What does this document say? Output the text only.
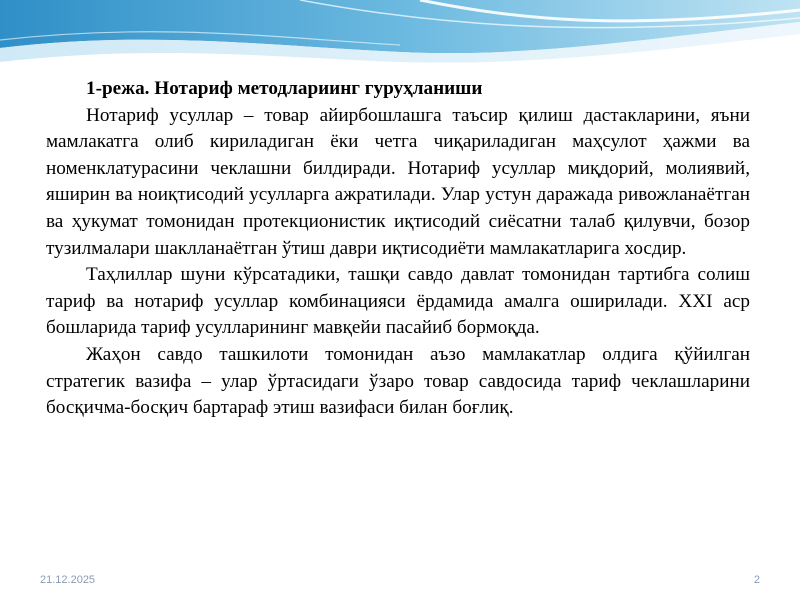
1-режа. Нотариф методлариинг гуруҳланиши

Нотариф усуллар – товар айирбошлашга таъсир қилиш дастакларини, яъни мамлакатга олиб кириладиган ёки четга чиқариладиган маҳсулот ҳажми ва номенклатурасини чеклашни билдиради. Нотариф усуллар миқдорий, молиявий, яширин ва ноиқтисодий усулларга ажратилади. Улар устун даражада ривожланаётган ва ҳукумат томонидан протекционистик иқтисодий сиёсатни талаб қилувчи, бозор тузилмалари шаклланаётган ўтиш даври иқтисодиёти мамлакатларига хосдир.

Таҳлиллар шуни кўрсатадики, ташқи савдо давлат томонидан тартибга солиш тариф ва нотариф усуллар комбинацияси ёрдамида амалга оширилади. XXI аср бошларида тариф усулларининг мавқейи пасайиб бормоқда.

Жаҳон савдо ташкилоти томонидан аъзо мамлакатлар олдига қўйилган стратегик вазифа – улар ўртасидаги ўзаро товар савдосида тариф чеклашларини босқичма-босқич бартараф этиш вазифаси билан боғлиқ.

21.12.2025	2
